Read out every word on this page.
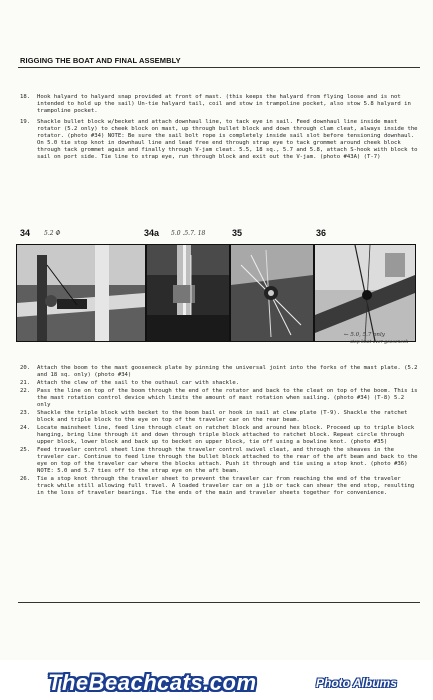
RIGGING THE BOAT AND FINAL ASSEMBLY
18.	Hook halyard to halyard snap provided at front of mast. (this keeps the halyard from flying loose and is not intended to hold up the sail) Un-tie halyard tail, coil and stow in trampoline pocket, also stow 5.8 halyard in trampoline pocket.
19.	Shackle bullet block w/becket and attach downhaul line, to tack eye in sail. Feed downhaul line inside mast rotator (5.2 only) to cheek block on mast, up through bullet block and down through clam cleat, always inside the rotator. (photo #34) NOTE: Be sure the sail bolt rope is completely inside sail slot before tensioning downhaul. On 5.0 tie stop knot in downhaul line and lead free end through strap eye to tack grommet around cheek block through tack grommet again and finally through V-jam cleat. 5.5, 18 sq., 5.7 and 5.8, attach S-hook with block to sail on port side. Tie line to strap eye, run through block and exit out the V-jam. (photo #43A) (T-7)
34 5.2 Φ	34a 5.0 .5.7. 18	35	36
← 5.0, 5.7 only
stop knot over gooseneck
20.	Attach the boom to the mast gooseneck plate by pinning the universal joint into the forks of the mast plate. (5.2 and 18 sq. only) (photo #34)
21.	Attach the clew of the sail to the outhaul car with shackle.
22.	Pass the line on top of the boom through the end of the rotator and back to the cleat on top of the boom. This is the mast rotation control device which limits the amount of mast rotation when sailing. (photo #34) (T-8) 5.2 only
23.	Shackle the triple block with becket to the boom bail or hook in sail at clew plate (T-9). Shackle the ratchet block and triple block to the eye on top of the traveler car on the rear beam.
24.	Locate mainsheet line, feed line through cleat on ratchet block and around hex block. Proceed up to triple block hanging, bring line through it and down through triple block attached to ratchet block. Repeat circle through upper block, lower block and back up to becket on upper block, tie off using a bowline knot. (photo #35)
25.	Feed traveler control sheet line through the traveler control swivel cleat, and through the sheaves in the traveler car. Continue to feed line through the bullet block attached to the rear of the aft beam and back to the eye on top of the traveler car where the blocks attach. Push it through and tie using a stop knot. (photo #36) NOTE: 5.0 and 5.7 ties off to the strap eye on the aft beam.
26.	Tie a stop knot through the traveler sheet to prevent the traveler car from reaching the end of the traveler track while still allowing full travel. A loaded traveler car on a jib or tack can shear the end stop, resulting in the loss of traveler bearings. Tie the ends of the main and traveler sheets together for convenience.
TheBeachcats.com	Photo Albums
